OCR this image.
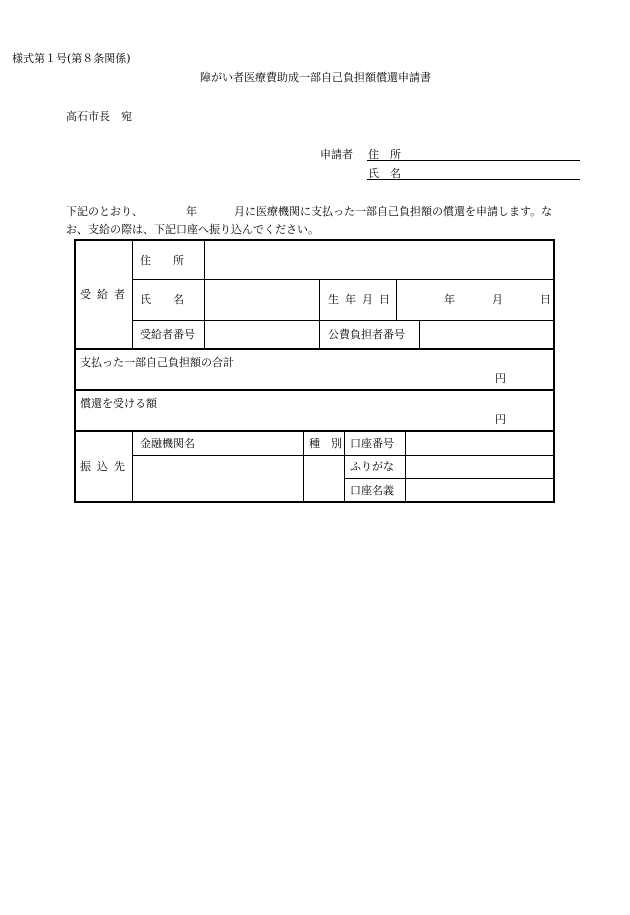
様式第１号(第８条関係)
障がい者医療費助成一部自己負担額償還申請書
高石市長　宛
申請者 住　所
氏　名
下記のとおり、	年	月に医療機関に支払った一部自己負担額の償還を申請します。な
お、支給の際は、下記口座へ振り込んでください。
受給者
住　　所
氏　　名	生年月日	年	月	日
受給者番号	公費負担者番号
支払った一部自己負担額の合計
円
償還を受ける額
円
振込先
金融機関名	種　別 口座番号
ふりがな
口座名義
